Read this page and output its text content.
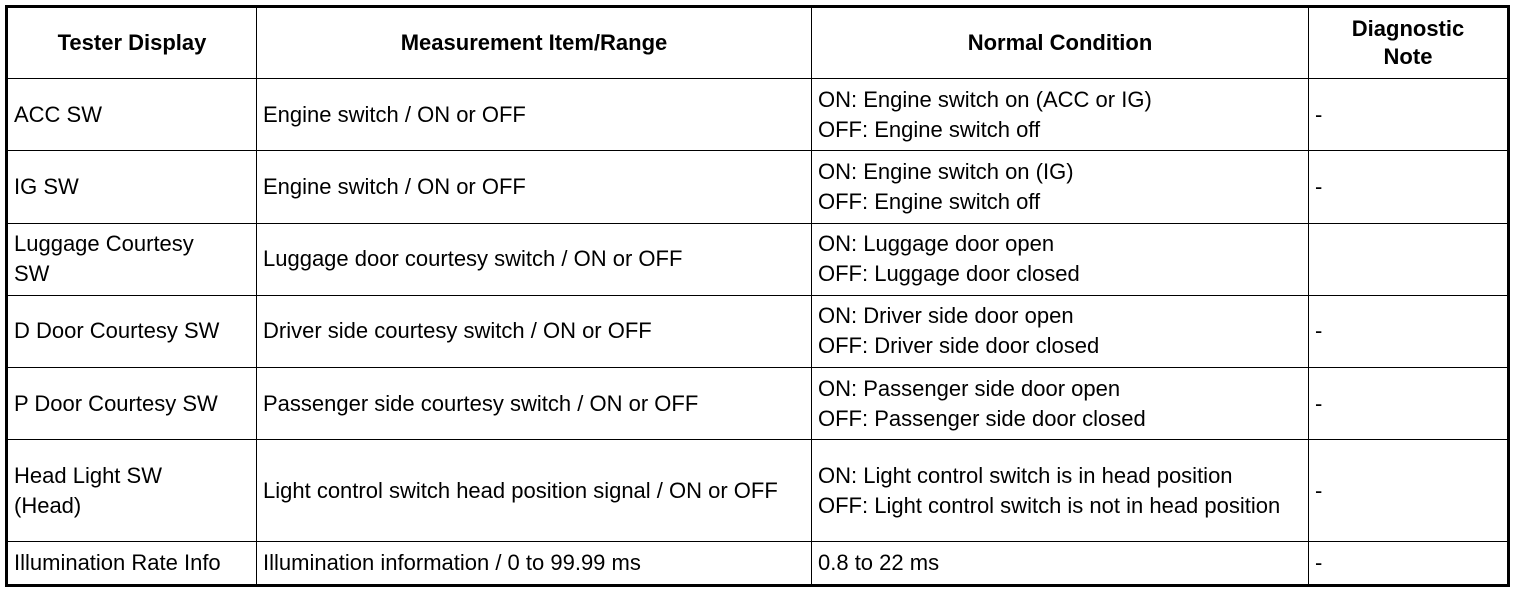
Tester Display	Measurement Item/Range	Normal Condition	Diagnostic
Note

ACC SW	Engine switch / ON or OFF	ON: Engine switch on (ACC or IG)
OFF: Engine switch off	-
IG SW	Engine switch / ON or OFF	ON: Engine switch on (IG)
OFF: Engine switch off	-

Luggage Courtesy SW	Luggage door courtesy switch / ON or OFF	ON: Luggage door open
OFF: Luggage door closed	

D Door Courtesy SW	Driver side courtesy switch / ON or OFF	ON: Driver side door open
OFF: Driver side door closed	-
P Door Courtesy SW	Passenger side courtesy switch / ON or OFF	ON: Passenger side door open
OFF: Passenger side door closed	-

Head Light SW (Head)	Light control switch head position signal / ON or OFF	ON: Light control switch is in head position
OFF: Light control switch is not in head position	-
Illumination Rate Info	Illumination information / 0 to 99.99 ms	0.8 to 22 ms	-
